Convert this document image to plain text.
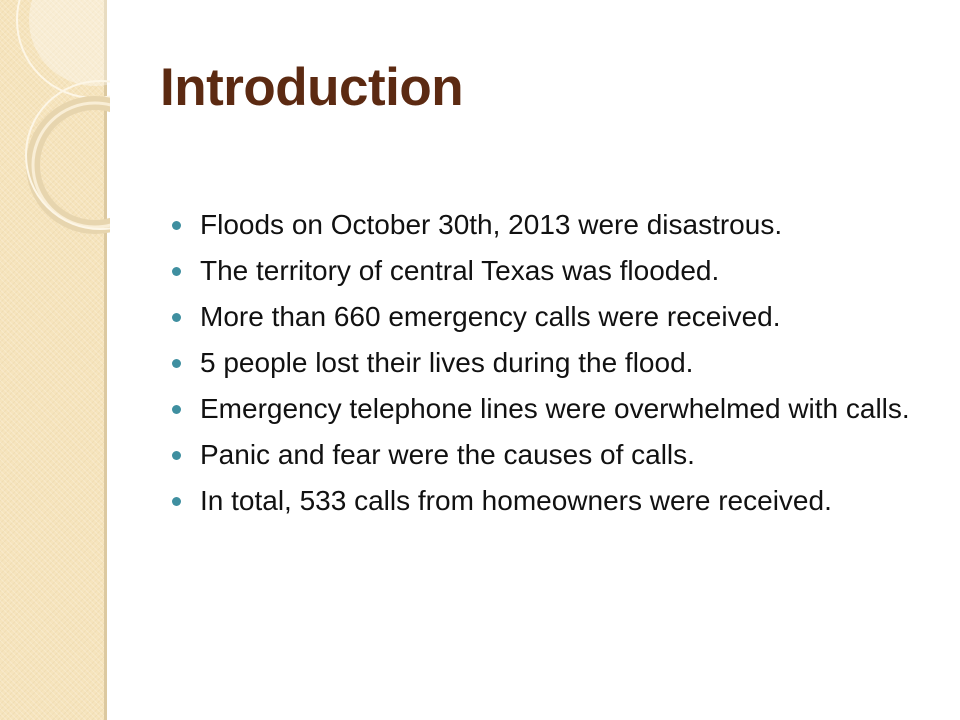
Introduction
Floods on October 30th, 2013 were disastrous.
The territory of central Texas was flooded.
More than 660 emergency calls were received.
5 people lost their lives during the flood.
Emergency telephone lines were overwhelmed with calls.
Panic and fear were the causes of calls.
In total, 533 calls from homeowners were received.
